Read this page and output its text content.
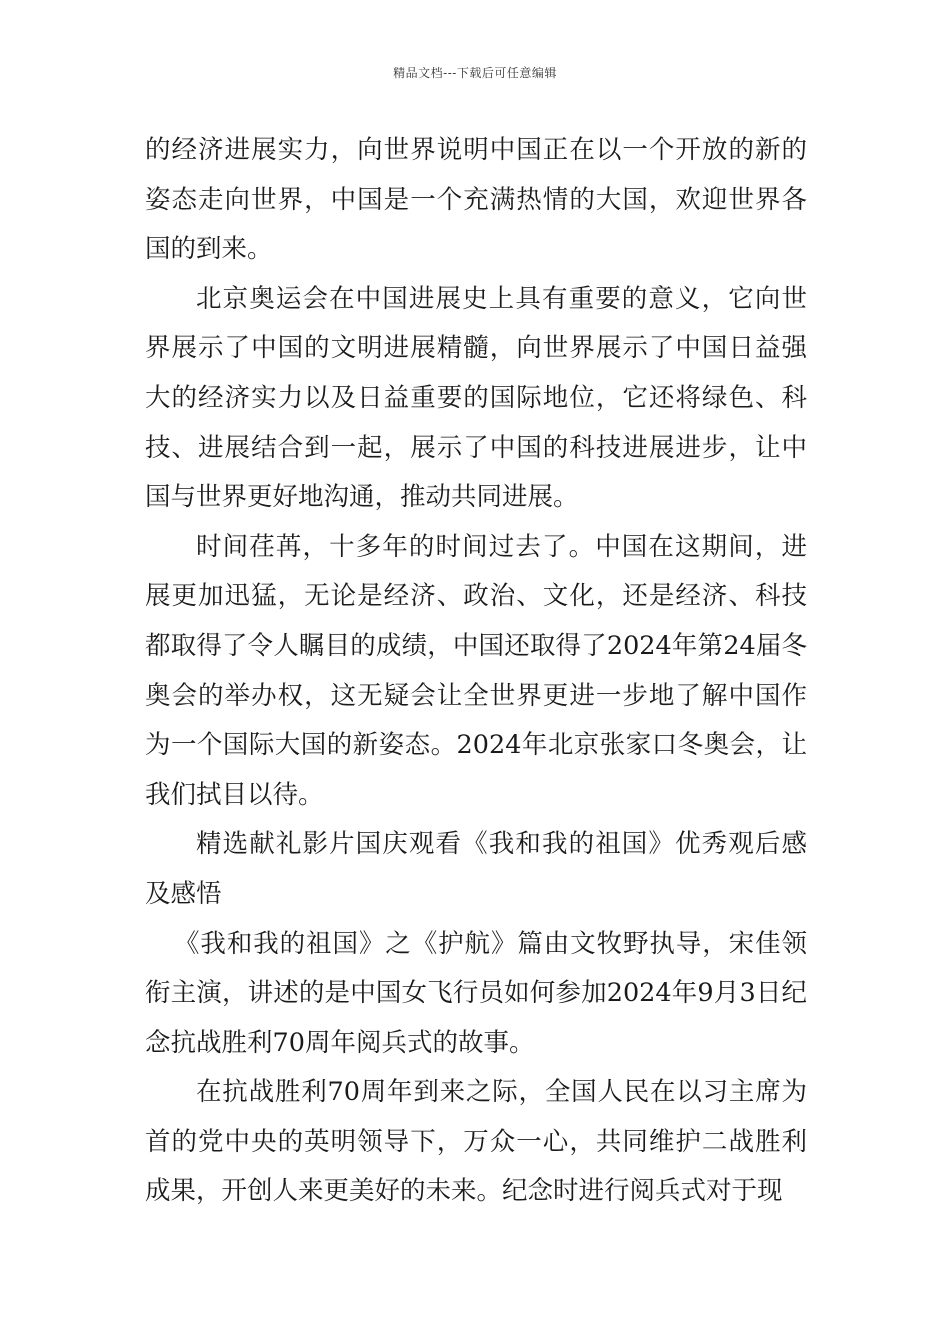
精品文档---下载后可任意编辑

的经济进展实力，向世界说明中国正在以一个开放的新的姿态走向世界，中国是一个充满热情的大国，欢迎世界各国的到来。

北京奥运会在中国进展史上具有重要的意义，它向世界展示了中国的文明进展精髓，向世界展示了中国日益强大的经济实力以及日益重要的国际地位，它还将绿色、科技、进展结合到一起，展示了中国的科技进展进步，让中国与世界更好地沟通，推动共同进展。

时间荏苒，十多年的时间过去了。中国在这期间，进展更加迅猛，无论是经济、政治、文化，还是经济、科技都取得了令人瞩目的成绩，中国还取得了2024年第24届冬奥会的举办权，这无疑会让全世界更进一步地了解中国作为一个国际大国的新姿态。2024年北京张家口冬奥会，让我们拭目以待。

精选献礼影片国庆观看《我和我的祖国》优秀观后感及感悟

《我和我的祖国》之《护航》篇由文牧野执导，宋佳领衔主演，讲述的是中国女飞行员如何参加2024年9月3日纪念抗战胜利70周年阅兵式的故事。

在抗战胜利70周年到来之际，全国人民在以习主席为首的党中央的英明领导下，万众一心，共同维护二战胜利成果，开创人来更美好的未来。纪念时进行阅兵式对于现
